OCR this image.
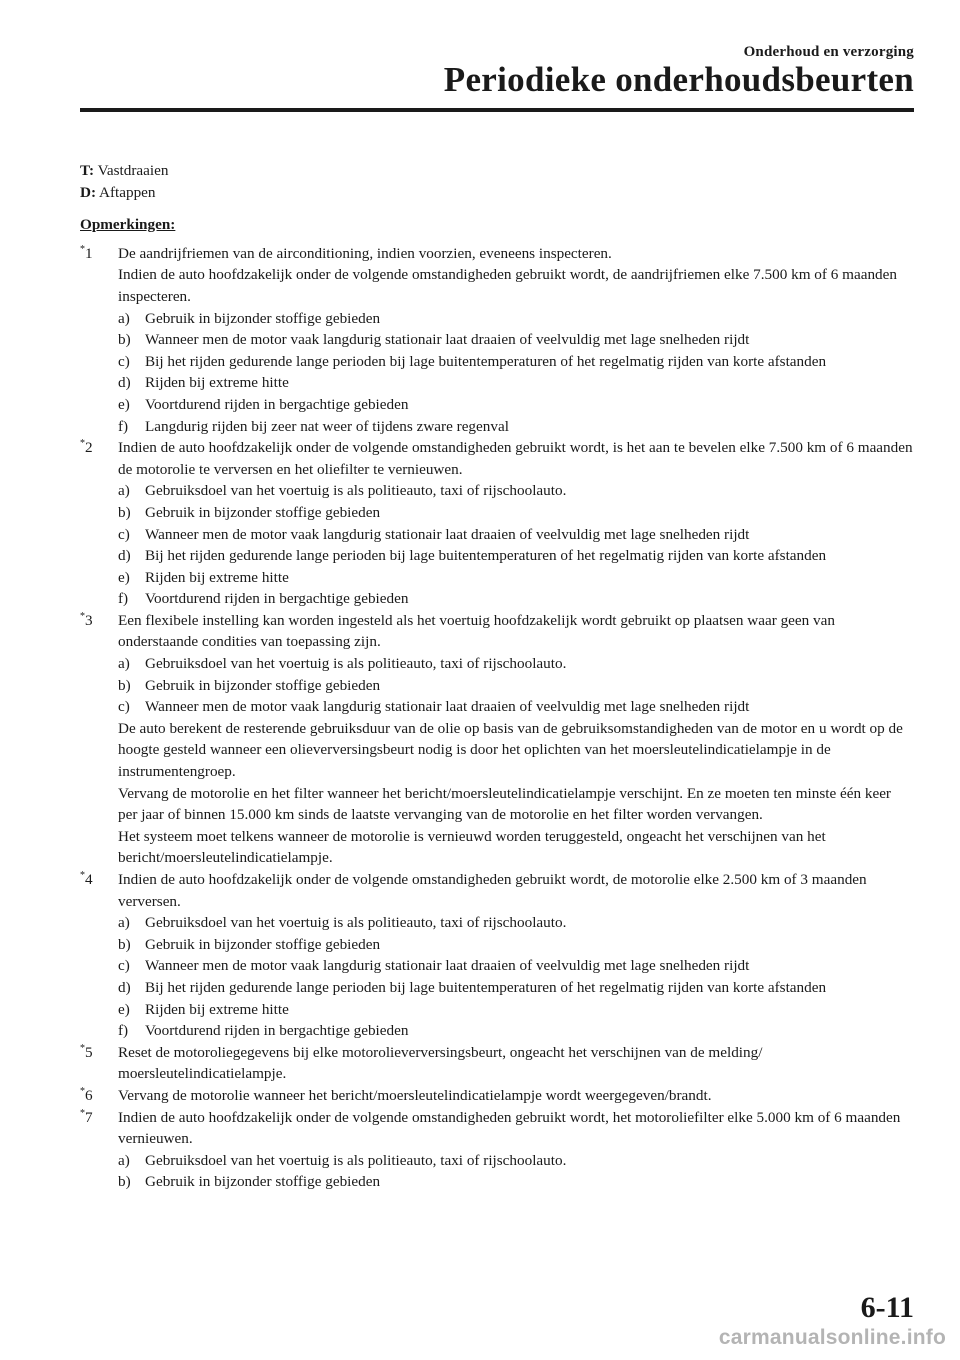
Onderhoud en verzorging
Periodieke onderhoudsbeurten
T: Vastdraaien
D: Aftappen
Opmerkingen:
*1 De aandrijfriemen van de airconditioning, indien voorzien, eveneens inspecteren.
Indien de auto hoofdzakelijk onder de volgende omstandigheden gebruikt wordt, de aandrijfriemen elke 7.500 km of 6 maanden inspecteren.
a) Gebruik in bijzonder stoffige gebieden
b) Wanneer men de motor vaak langdurig stationair laat draaien of veelvuldig met lage snelheden rijdt
c) Bij het rijden gedurende lange perioden bij lage buitentemperaturen of het regelmatig rijden van korte afstanden
d) Rijden bij extreme hitte
e) Voortdurend rijden in bergachtige gebieden
f) Langdurig rijden bij zeer nat weer of tijdens zware regenval
*2 Indien de auto hoofdzakelijk onder de volgende omstandigheden gebruikt wordt, is het aan te bevelen elke 7.500 km of 6 maanden de motorolie te verversen en het oliefilter te vernieuwen.
a) Gebruiksdoel van het voertuig is als politieauto, taxi of rijschoolauto.
b) Gebruik in bijzonder stoffige gebieden
c) Wanneer men de motor vaak langdurig stationair laat draaien of veelvuldig met lage snelheden rijdt
d) Bij het rijden gedurende lange perioden bij lage buitentemperaturen of het regelmatig rijden van korte afstanden
e) Rijden bij extreme hitte
f) Voortdurend rijden in bergachtige gebieden
*3 Een flexibele instelling kan worden ingesteld als het voertuig hoofdzakelijk wordt gebruikt op plaatsen waar geen van onderstaande condities van toepassing zijn.
a) Gebruiksdoel van het voertuig is als politieauto, taxi of rijschoolauto.
b) Gebruik in bijzonder stoffige gebieden
c) Wanneer men de motor vaak langdurig stationair laat draaien of veelvuldig met lage snelheden rijdt
De auto berekent de resterende gebruiksduur van de olie op basis van de gebruiksomstandigheden van de motor en u wordt op de hoogte gesteld wanneer een olieverversingsbeurt nodig is door het oplichten van het moersleutelindicatielampje in de instrumentengroep.
Vervang de motorolie en het filter wanneer het bericht/moersleutelindicatielampje verschijnt. En ze moeten ten minste één keer per jaar of binnen 15.000 km sinds de laatste vervanging van de motorolie en het filter worden vervangen.
Het systeem moet telkens wanneer de motorolie is vernieuwd worden teruggesteld, ongeacht het verschijnen van het bericht/moersleutelindicatielampje.
*4 Indien de auto hoofdzakelijk onder de volgende omstandigheden gebruikt wordt, de motorolie elke 2.500 km of 3 maanden verversen.
a) Gebruiksdoel van het voertuig is als politieauto, taxi of rijschoolauto.
b) Gebruik in bijzonder stoffige gebieden
c) Wanneer men de motor vaak langdurig stationair laat draaien of veelvuldig met lage snelheden rijdt
d) Bij het rijden gedurende lange perioden bij lage buitentemperaturen of het regelmatig rijden van korte afstanden
e) Rijden bij extreme hitte
f) Voortdurend rijden in bergachtige gebieden
*5 Reset de motoroliegegevens bij elke motorolieverversingsbeurt, ongeacht het verschijnen van de melding/ moersleutelindicatielampje.
*6 Vervang de motorolie wanneer het bericht/moersleutelindicatielampje wordt weergegeven/brandt.
*7 Indien de auto hoofdzakelijk onder de volgende omstandigheden gebruikt wordt, het motoroliefilter elke 5.000 km of 6 maanden vernieuwen.
a) Gebruiksdoel van het voertuig is als politieauto, taxi of rijschoolauto.
b) Gebruik in bijzonder stoffige gebieden
6-11
carmanualsonline.info
